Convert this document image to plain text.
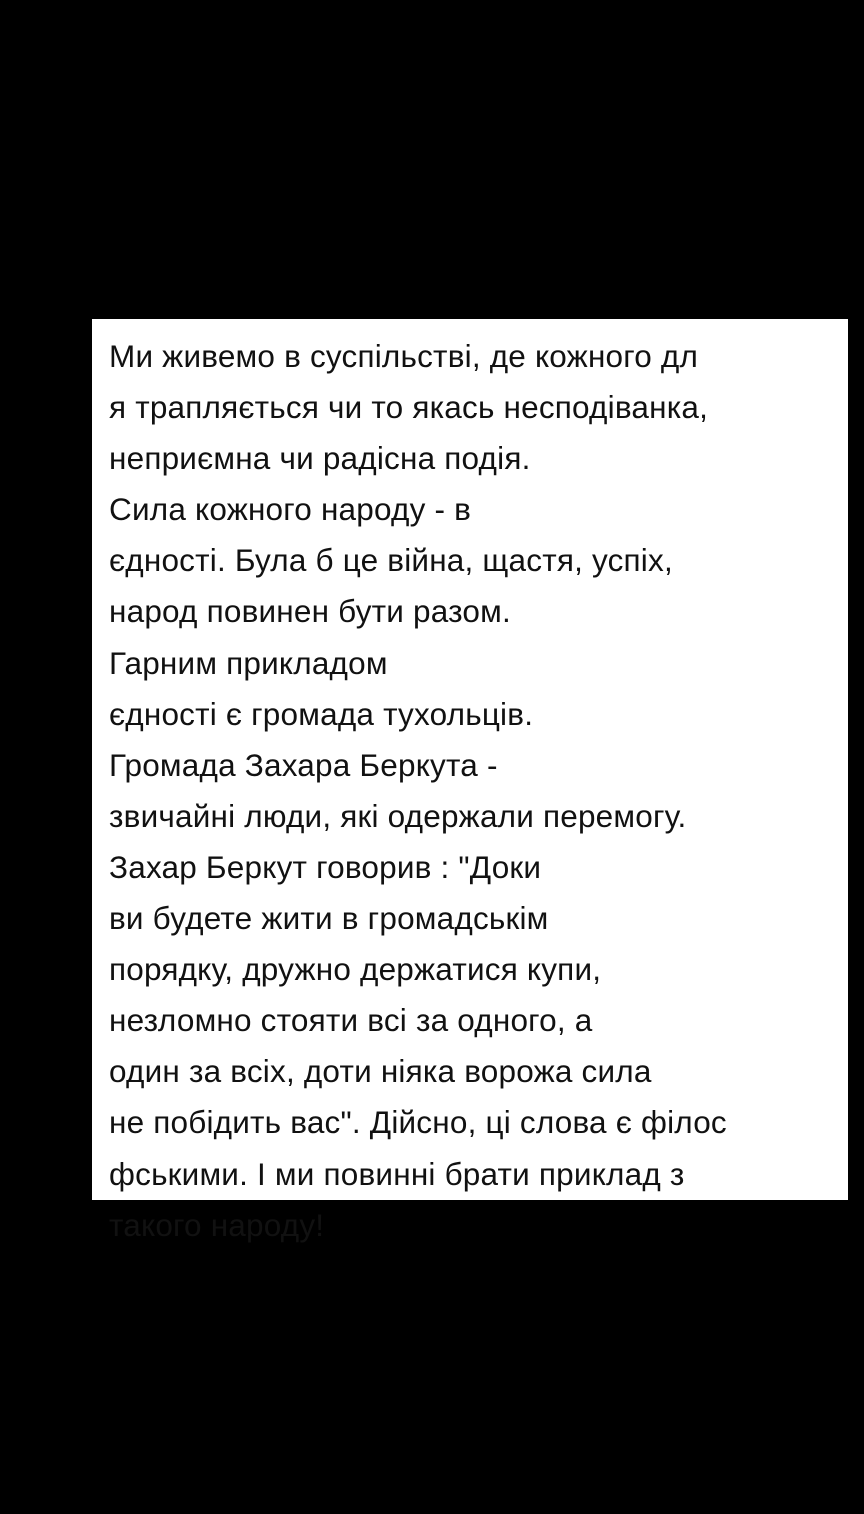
Ми живемо в суспільстві, де кожного дл
я трапляється чи то якась несподіванка,
неприємна чи радісна подія.
Сила кожного народу - в
єдності. Була б це війна, щастя, успіх,
народ повинен бути разом.
Гарним прикладом
єдності є громада тухольців.
Громада Захара Беркута -
звичайні люди, які одержали перемогу.
Захар Беркут говорив : "Доки
ви будете жити в громадськім
порядку, дружно держатися купи,
незломно стояти всі за одного, а
один за всіх, доти ніяка ворожа сила
не побідить вас". Дійсно, ці слова є філос
фськими. І ми повинні брати приклад з
такого народу!
